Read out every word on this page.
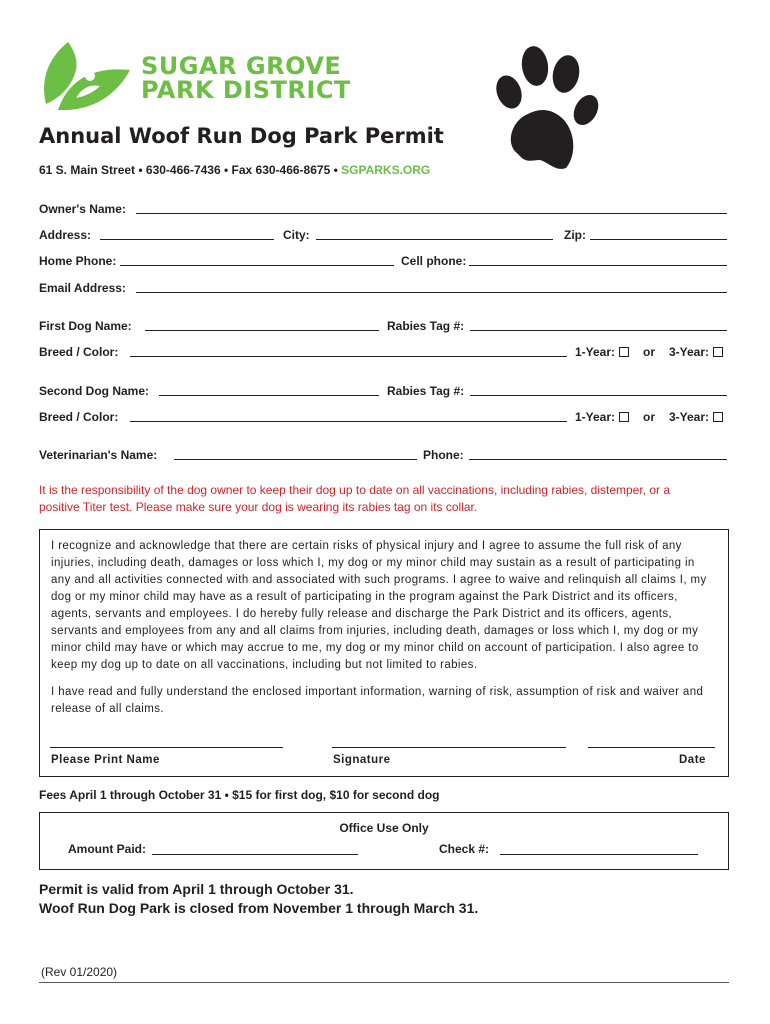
SUGAR GROVE
PARK DISTRICT
Annual Woof Run Dog Park Permit
61 S. Main Street • 630-466-7436 • Fax 630-466-8675 • SGPARKS.ORG
Owner's Name:
Address:	City:	Zip:
Home Phone:	Cell phone:
Email Address:
First Dog Name:	Rabies Tag #:
Breed / Color:	1-Year:	or 3-Year:
Second Dog Name:	Rabies Tag #:
Breed / Color:	1-Year:	or 3-Year:
Veterinarian's Name:	Phone:
It is the responsibility of the dog owner to keep their dog up to date on all vaccinations, including rabies, distemper, or a positive Titer test. Please make sure your dog is wearing its rabies tag on its collar.

I recognize and acknowledge that there are certain risks of physical injury and I agree to assume the full risk of any injuries, including death, damages or loss which I, my dog or my minor child may sustain as a result of participating in any and all activities connected with and associated with such programs. I agree to waive and relinquish all claims I, my dog or my minor child may have as a result of participating in the program against the Park District and its officers, agents, servants and employees. I do hereby fully release and discharge the Park District and its officers, agents, servants and employees from any and all claims from injuries, including death, damages or loss which I, my dog or my minor child may have or which may accrue to me, my dog or my minor child on account of participation. I also agree to keep my dog up to date on all vaccinations, including but not limited to rabies.

I have read and fully understand the enclosed important information, warning of risk, assumption of risk and waiver and release of all claims.

Please Print Name	Signature	Date
Fees April 1 through October 31 • $15 for first dog, $10 for second dog
Office Use Only
Amount Paid:	Check #:
Permit is valid from April 1 through October 31.
Woof Run Dog Park is closed from November 1 through March 31.
(Rev 01/2020)
